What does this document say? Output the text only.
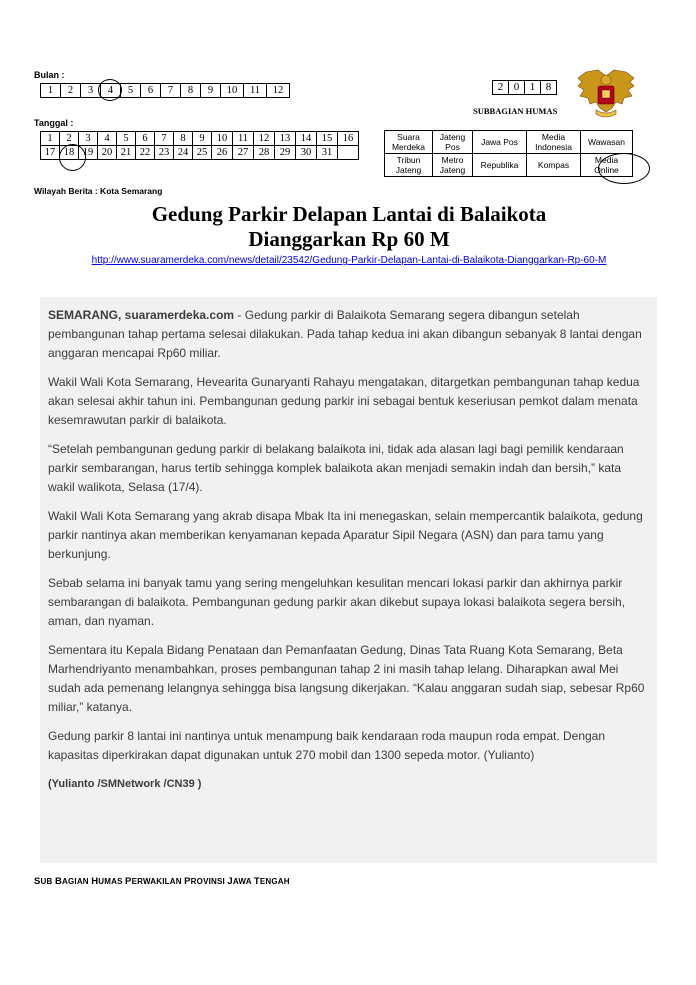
Bulan :
1	2	3	4	5	6	7	8	9	10	11	12
Tanggal :
1	2	3	4	5	6	7	8	9	10	11	12	13	14	15	16
17	18	19	20	21	22	23	24	25	26	27	28	29	30	31	
2	0	1	8
SUBBAGIAN HUMAS
Suara Merdeka	Jateng Pos	Jawa Pos	Media Indonesia	Wawasan
Tribun Jateng	Metro Jateng	Republika	Kompas	Media Online
Wilayah Berita : Kota Semarang
Gedung Parkir Delapan Lantai di Balaikota
Dianggarkan Rp 60 M
http://www.suaramerdeka.com/news/detail/23542/Gedung-Parkir-Delapan-Lantai-di-Balaikota-Dianggarkan-Rp-60-M

SEMARANG, suaramerdeka.com - Gedung parkir di Balaikota Semarang segera dibangun setelah pembangunan tahap pertama selesai dilakukan. Pada tahap kedua ini akan dibangun sebanyak 8 lantai dengan anggaran mencapai Rp60 miliar.

Wakil Wali Kota Semarang, Hevearita Gunaryanti Rahayu mengatakan, ditargetkan pembangunan tahap kedua akan selesai akhir tahun ini. Pembangunan gedung parkir ini sebagai bentuk keseriusan pemkot dalam menata kesemrawutan parkir di balaikota.

“Setelah pembangunan gedung parkir di belakang balaikota ini, tidak ada alasan lagi bagi pemilik kendaraan parkir sembarangan, harus tertib sehingga komplek balaikota akan menjadi semakin indah dan bersih,” kata wakil walikota, Selasa (17/4).

Wakil Wali Kota Semarang yang akrab disapa Mbak Ita ini menegaskan, selain mempercantik balaikota, gedung parkir nantinya akan memberikan kenyamanan kepada Aparatur Sipil Negara (ASN) dan para tamu yang berkunjung.

Sebab selama ini banyak tamu yang sering mengeluhkan kesulitan mencari lokasi parkir dan akhirnya parkir sembarangan di balaikota. Pembangunan gedung parkir akan dikebut supaya lokasi balaikota segera bersih, aman, dan nyaman.

Sementara itu Kepala Bidang Penataan dan Pemanfaatan Gedung, Dinas Tata Ruang Kota Semarang, Beta Marhendriyanto menambahkan, proses pembangunan tahap 2 ini masih tahap lelang. Diharapkan awal Mei sudah ada pemenang lelangnya sehingga bisa langsung dikerjakan. “Kalau anggaran sudah siap, sebesar Rp60 miliar,” katanya.

Gedung parkir 8 lantai ini nantinya untuk menampung baik kendaraan roda maupun roda empat. Dengan kapasitas diperkirakan dapat digunakan untuk 270 mobil dan 1300 sepeda motor. (Yulianto)

(Yulianto /SMNetwork /CN39 )

SUB BAGIAN HUMAS PERWAKILAN PROVINSI JAWA TENGAH
